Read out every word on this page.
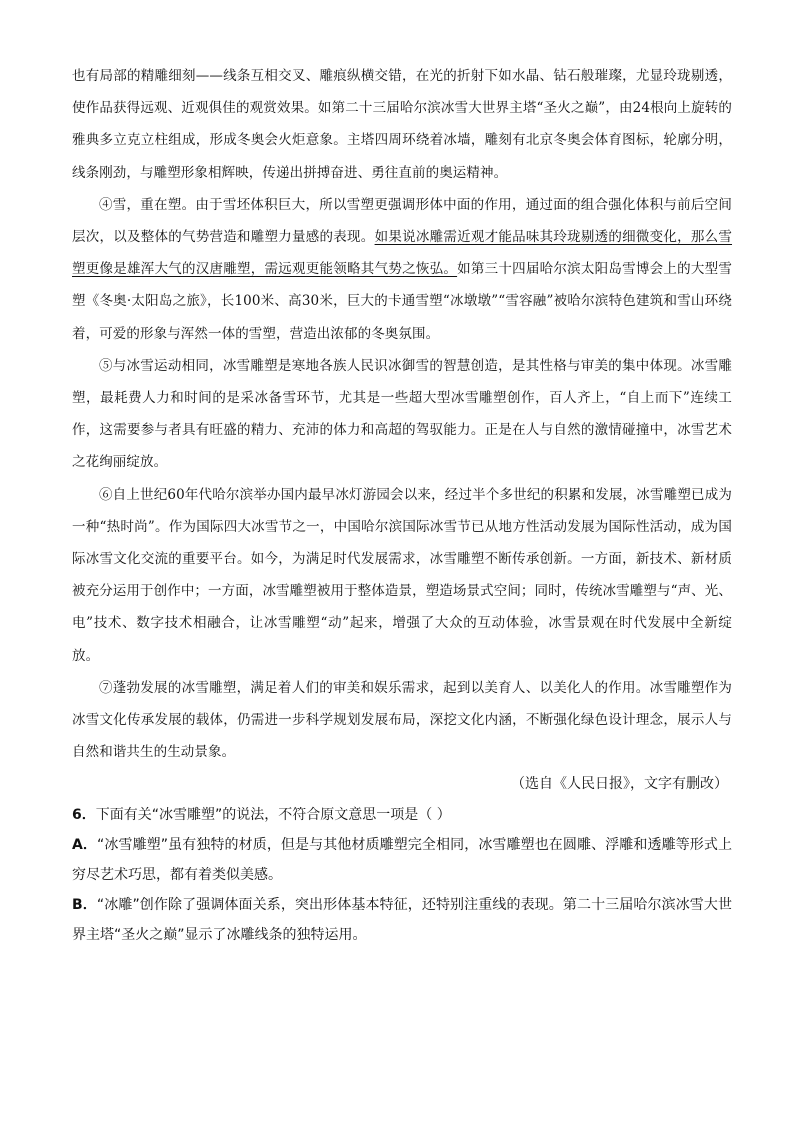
也有局部的精雕细刻——线条互相交叉、雕痕纵横交错，在光的折射下如水晶、钻石般璀璨，尤显玲珑剔透，使作品获得远观、近观俱佳的观赏效果。如第二十三届哈尔滨冰雪大世界主塔“圣火之巅”，由24根向上旋转的雅典多立克立柱组成，形成冬奥会火炬意象。主塔四周环绕着冰墙，雕刻有北京冬奥会体育图标，轮廓分明，线条刚劲，与雕塑形象相辉映，传递出拼搏奋进、勇往直前的奥运精神。

④雪，重在塑。由于雪坯体积巨大，所以雪塑更强调形体中面的作用，通过面的组合强化体积与前后空间层次，以及整体的气势营造和雕塑力量感的表现。如果说冰雕需近观才能品味其玲珑剔透的细微变化，那么雪塑更像是雄浑大气的汉唐雕塑，需远观更能领略其气势之恢弘。如第三十四届哈尔滨太阳岛雪博会上的大型雪塑《冬奥·太阳岛之旅》，长100米、高30米，巨大的卡通雪塑“冰墩墩”“雪容融”被哈尔滨特色建筑和雪山环绕着，可爱的形象与浑然一体的雪塑，营造出浓郁的冬奥氛围。

⑤与冰雪运动相同，冰雪雕塑是寒地各族人民识冰御雪的智慧创造，是其性格与审美的集中体现。冰雪雕塑，最耗费人力和时间的是采冰备雪环节，尤其是一些超大型冰雪雕塑创作，百人齐上，“自上而下”连续工作，这需要参与者具有旺盛的精力、充沛的体力和高超的驾驭能力。正是在人与自然的激情碰撞中，冰雪艺术之花绚丽绽放。

⑥自上世纪60年代哈尔滨举办国内最早冰灯游园会以来，经过半个多世纪的积累和发展，冰雪雕塑已成为一种“热时尚”。作为国际四大冰雪节之一，中国哈尔滨国际冰雪节已从地方性活动发展为国际性活动，成为国际冰雪文化交流的重要平台。如今，为满足时代发展需求，冰雪雕塑不断传承创新。一方面，新技术、新材质被充分运用于创作中；一方面，冰雪雕塑被用于整体造景，塑造场景式空间；同时，传统冰雪雕塑与“声、光、电”技术、数字技术相融合，让冰雪雕塑“动”起来，增强了大众的互动体验，冰雪景观在时代发展中全新绽放。

⑦蓬勃发展的冰雪雕塑，满足着人们的审美和娱乐需求，起到以美育人、以美化人的作用。冰雪雕塑作为冰雪文化传承发展的载体，仍需进一步科学规划发展布局，深挖文化内涵，不断强化绿色设计理念，展示人与自然和谐共生的生动景象。

（选自《人民日报》，文字有删改）

6．下面有关“冰雪雕塑”的说法，不符合原文意思一项是（ ）

A．“冰雪雕塑”虽有独特的材质，但是与其他材质雕塑完全相同，冰雪雕塑也在圆雕、浮雕和透雕等形式上穷尽艺术巧思，都有着类似美感。

B．“冰雕”创作除了强调体面关系，突出形体基本特征，还特别注重线的表现。第二十三届哈尔滨冰雪大世界主塔“圣火之巅”显示了冰雕线条的独特运用。
